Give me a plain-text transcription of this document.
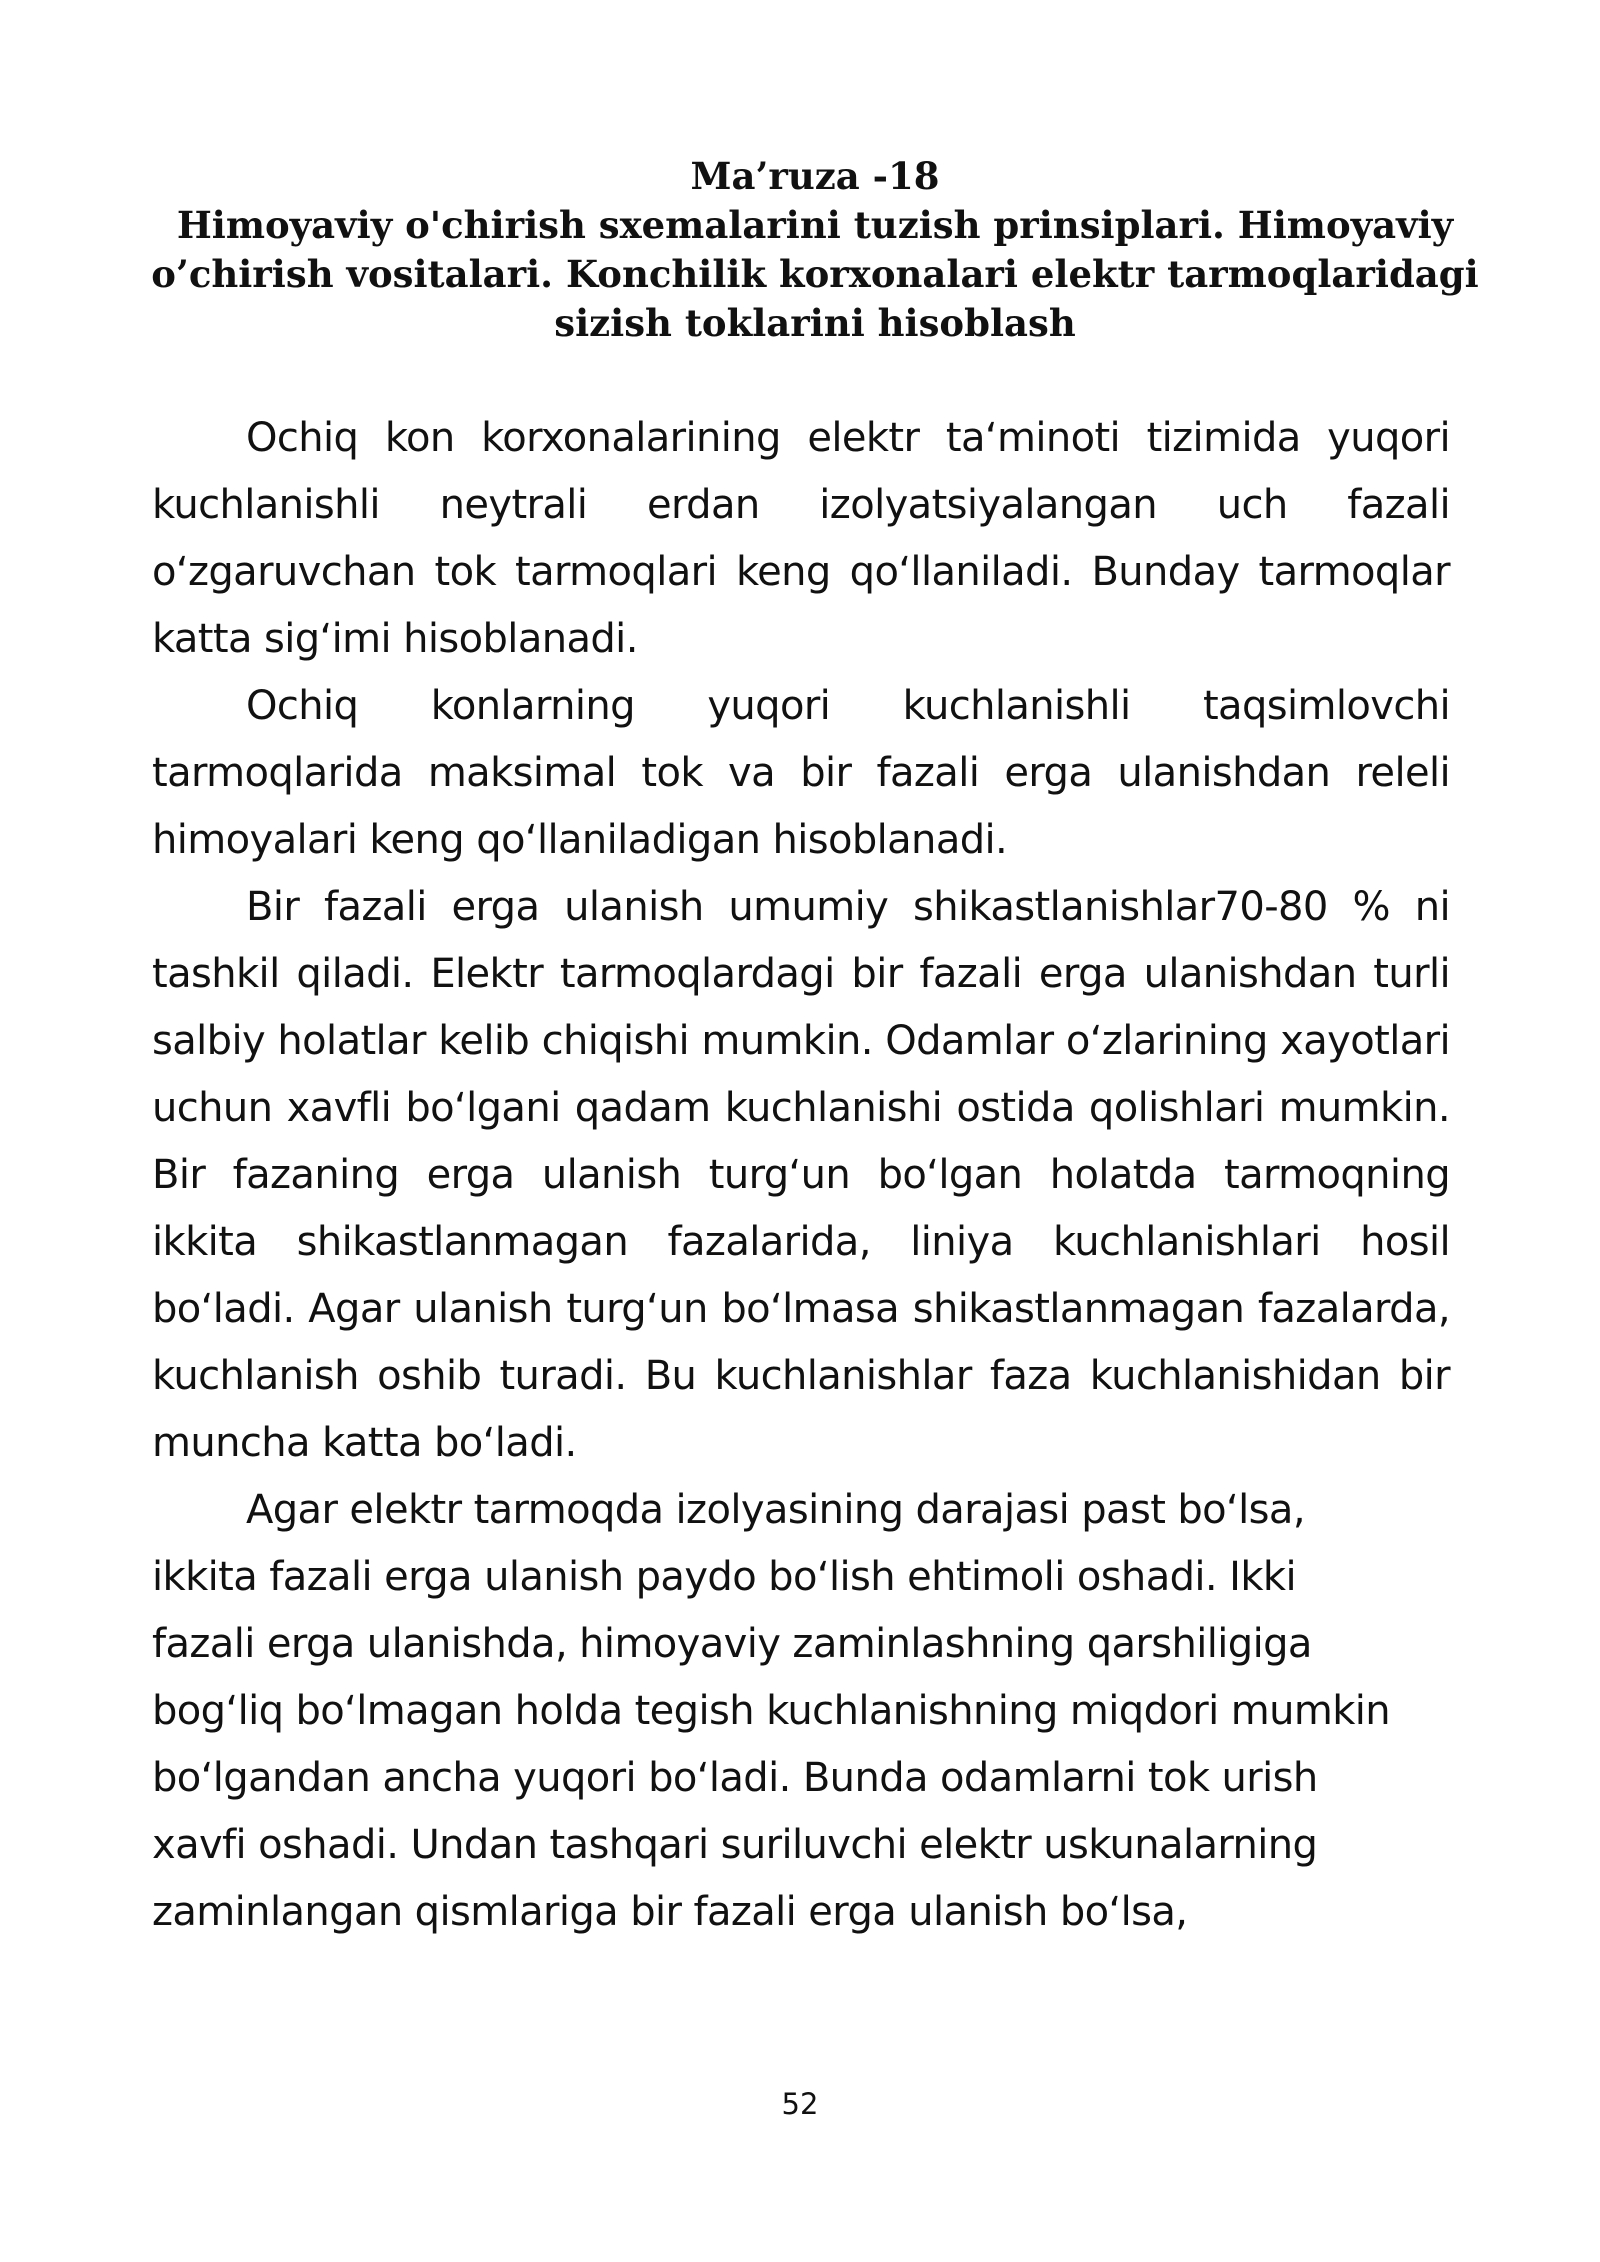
Ma’ruza -18
Himoyaviy o'chirish sxemalarini tuzish prinsiplari. Himoyaviy o’chirish vositalari. Konchilik korxonalari elektr tarmoqlaridagi sizish toklarini hisoblash

Ochiq kon korxonalarining elektr taʻminoti tizimida yuqori kuchlanishli neytrali erdan izolyatsiyalangan uch fazali oʻzgaruvchan tok tarmoqlari keng qoʻllaniladi. Bunday tarmoqlar katta sigʻimi hisoblanadi.

Ochiq konlarning yuqori kuchlanishli taqsimlovchi tarmoqlarida maksimal tok va bir fazali erga ulanishdan releli himoyalari keng qoʻllaniladigan hisoblanadi.

Bir fazali erga ulanish umumiy shikastlanishlar70-80 % ni tashkil qiladi. Elektr tarmoqlardagi bir fazali erga ulanishdan turli salbiy holatlar kelib chiqishi mumkin. Odamlar oʻzlarining xayotlari uchun xavfli boʻlgani qadam kuchlanishi ostida qolishlari mumkin. Bir fazaning erga ulanish turgʻun boʻlgan holatda tarmoqning ikkita shikastlanmagan fazalarida, liniya kuchlanishlari hosil boʻladi. Agar ulanish turgʻun boʻlmasa shikastlanmagan fazalarda, kuchlanish oshib turadi. Bu kuchlanishlar faza kuchlanishidan bir muncha katta boʻladi.

Agar elektr tarmoqda izolyasining darajasi past boʻlsa, ikkita fazali erga ulanish paydo boʻlish ehtimoli oshadi. Ikki fazali erga ulanishda, himoyaviy zaminlashning qarshiligiga bogʻliq boʻlmagan holda tegish kuchlanishning miqdori mumkin boʻlgandan ancha yuqori boʻladi. Bunda odamlarni tok urish xavfi oshadi. Undan tashqari suriluvchi elektr uskunalarning zaminlangan qismlariga bir fazali erga ulanish boʻlsa,

52
